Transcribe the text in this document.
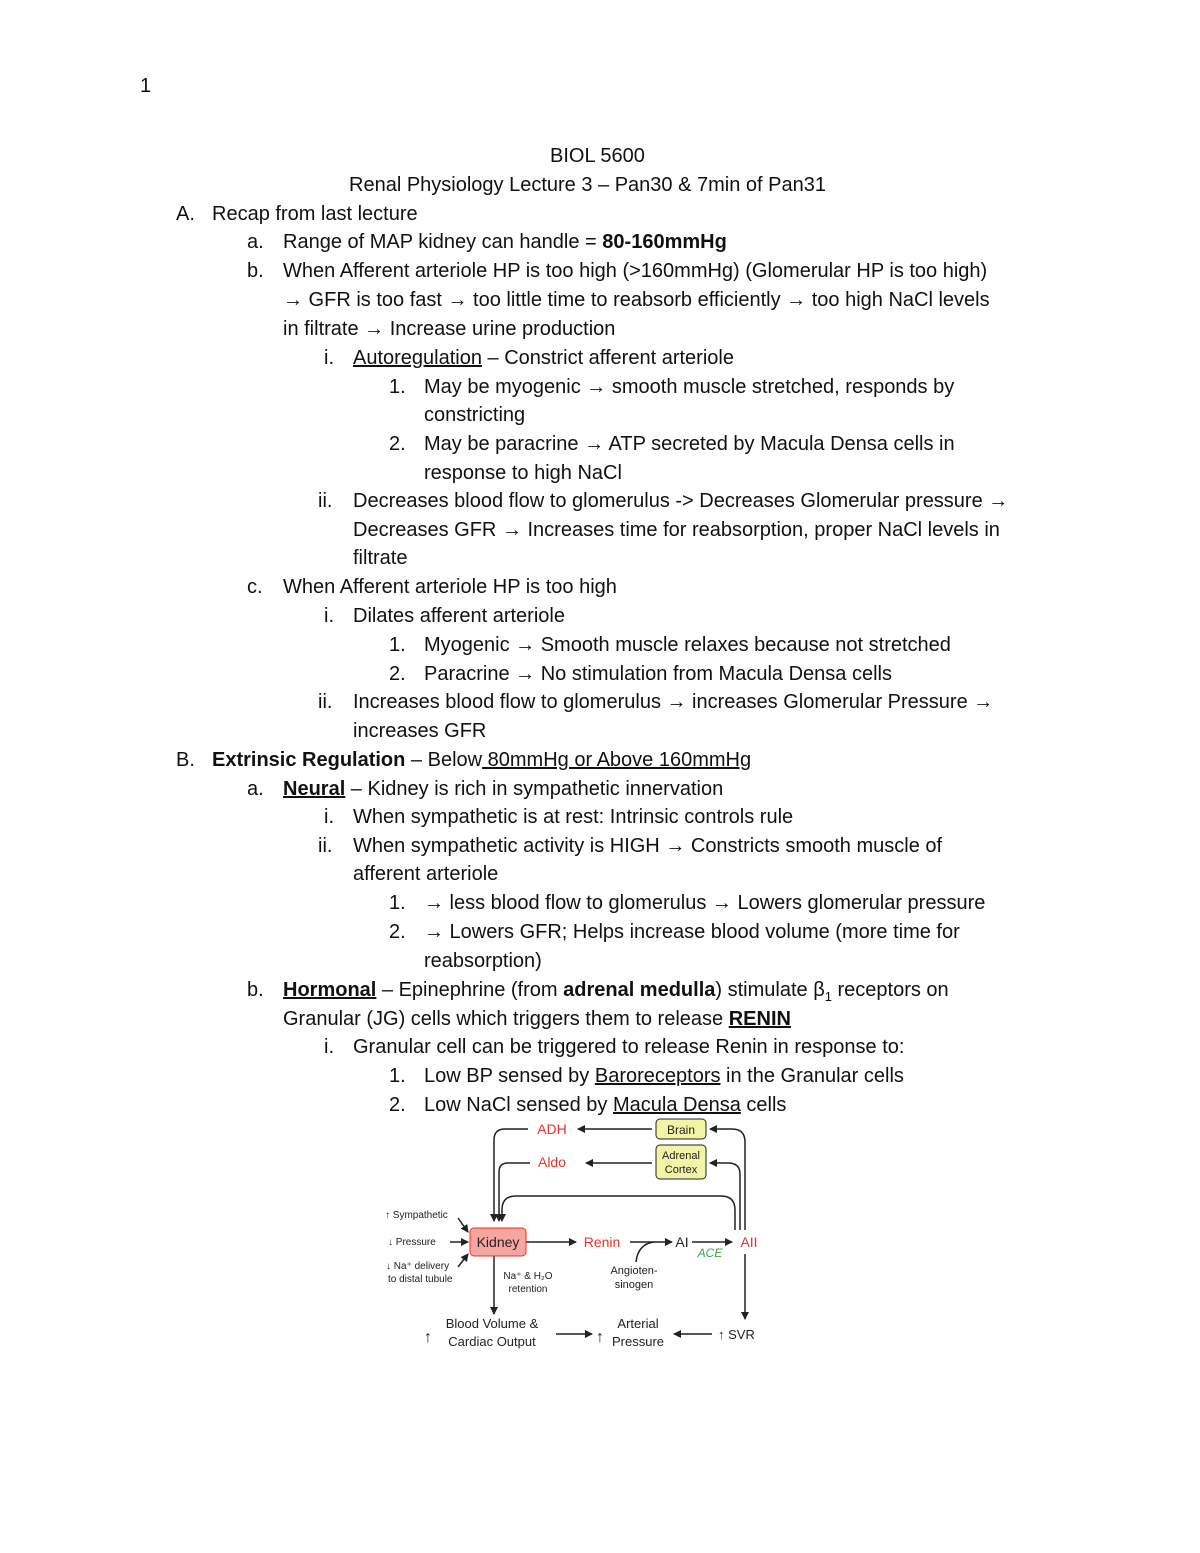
1
BIOL 5600
Renal Physiology Lecture 3 – Pan30 & 7min of Pan31
A. Recap from last lecture
a. Range of MAP kidney can handle = 80-160mmHg
b. When Afferent arteriole HP is too high (>160mmHg) (Glomerular HP is too high)
→ GFR is too fast → too little time to reabsorb efficiently → too high NaCl levels
in filtrate → Increase urine production
i. Autoregulation – Constrict afferent arteriole
1. May be myogenic → smooth muscle stretched, responds by
constricting
2. May be paracrine → ATP secreted by Macula Densa cells in
response to high NaCl
ii. Decreases blood flow to glomerulus -> Decreases Glomerular pressure →
Decreases GFR → Increases time for reabsorption, proper NaCl levels in
filtrate
c. When Afferent arteriole HP is too high
i. Dilates afferent arteriole
1. Myogenic → Smooth muscle relaxes because not stretched
2. Paracrine → No stimulation from Macula Densa cells
ii. Increases blood flow to glomerulus → increases Glomerular Pressure →
increases GFR
B. Extrinsic Regulation – Below 80mmHg or Above 160mmHg
a. Neural – Kidney is rich in sympathetic innervation
i. When sympathetic is at rest: Intrinsic controls rule
ii. When sympathetic activity is HIGH → Constricts smooth muscle of
afferent arteriole
1. → less blood flow to glomerulus → Lowers glomerular pressure
2. → Lowers GFR; Helps increase blood volume (more time for
reabsorption)
b. Hormonal – Epinephrine (from adrenal medulla) stimulate $\beta_1$ receptors on
Granular (JG) cells which triggers them to release RENIN
i. Granular cell can be triggered to release Renin in response to:
1. Low BP sensed by Baroreceptors in the Granular cells
2. Low NaCl sensed by Macula Densa cells
ADH
Aldo
Brain
Adrenal
Cortex
Kidney	Renin	AI	AII
ACE
Angioten-
sinogen
↑ Sympathetic
↓ Pressure
↓ Na⁺ delivery
to distal tubule	Na⁺ & H₂O
retention
↑
Blood Volume &
Cardiac Output	↑
Arterial
Pressure	↑ SVR
